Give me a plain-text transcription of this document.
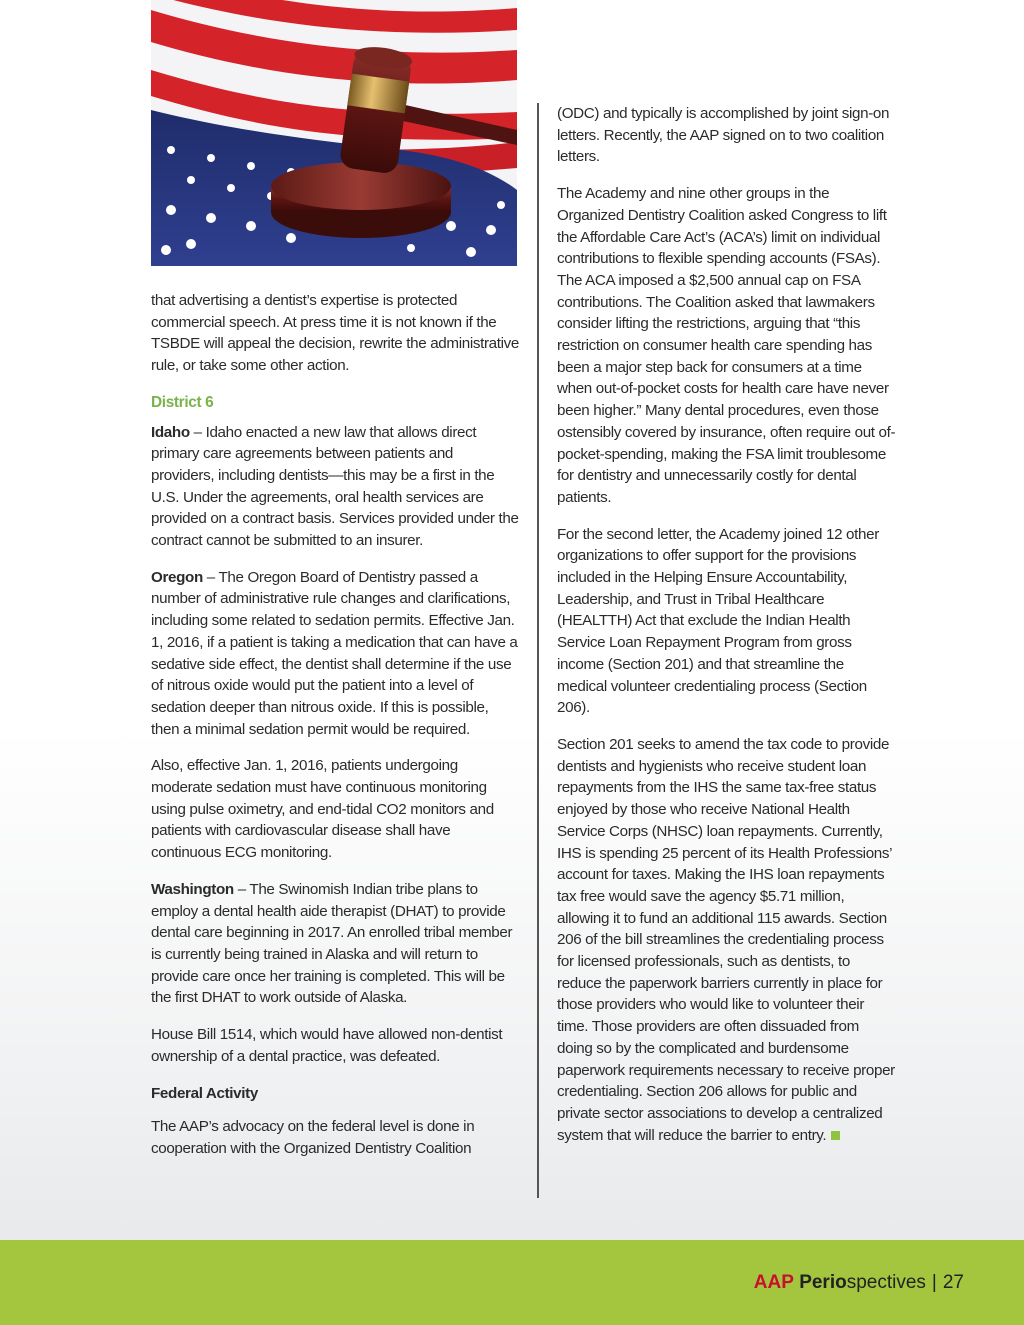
that advertising a dentist’s expertise is protected commercial speech. At press time it is not known if the TSBDE will appeal the decision, rewrite the administrative rule, or take some other action.

District 6

Idaho – Idaho enacted a new law that allows direct primary care agreements between patients and providers, including dentists—this may be a first in the U.S. Under the agreements, oral health services are provided on a contract basis. Services provided under the contract cannot be submitted to an insurer.

Oregon – The Oregon Board of Dentistry passed a number of administrative rule changes and clarifications, including some related to sedation permits. Effective Jan. 1, 2016, if a patient is taking a medication that can have a sedative side effect, the dentist shall determine if the use of nitrous oxide would put the patient into a level of sedation deeper than nitrous oxide. If this is possible, then a minimal sedation permit would be required.

Also, effective Jan. 1, 2016, patients undergoing moderate sedation must have continuous monitoring using pulse oximetry, and end-tidal CO2 monitors and patients with cardiovascular disease shall have continuous ECG monitoring.

Washington – The Swinomish Indian tribe plans to employ a dental health aide therapist (DHAT) to provide dental care beginning in 2017. An enrolled tribal member is currently being trained in Alaska and will return to provide care once her training is completed. This will be the first DHAT to work outside of Alaska.

House Bill 1514, which would have allowed non-dentist ownership of a dental practice, was defeated.

Federal Activity

The AAP’s advocacy on the federal level is done in cooperation with the Organized Dentistry Coalition

(ODC) and typically is accomplished by joint sign-on letters. Recently, the AAP signed on to two coalition letters.

The Academy and nine other groups in the Organized Dentistry Coalition asked Congress to lift the Affordable Care Act’s (ACA’s) limit on individual contributions to flexible spending accounts (FSAs). The ACA imposed a $2,500 annual cap on FSA contributions. The Coalition asked that lawmakers consider lifting the restrictions, arguing that “this restriction on consumer health care spending has been a major step back for consumers at a time when out-of-pocket costs for health care have never been higher.” Many dental procedures, even those ostensibly covered by insurance, often require out of-pocket-spending, making the FSA limit troublesome for dentistry and unnecessarily costly for dental patients.

For the second letter, the Academy joined 12 other organizations to offer support for the provisions included in the Helping Ensure Accountability, Leadership, and Trust in Tribal Healthcare (HEALTTH) Act that exclude the Indian Health Service Loan Repayment Program from gross income (Section 201) and that streamline the medical volunteer credentialing process (Section 206).

Section 201 seeks to amend the tax code to provide dentists and hygienists who receive student loan repayments from the IHS the same tax-free status enjoyed by those who receive National Health Service Corps (NHSC) loan repayments. Currently, IHS is spending 25 percent of its Health Professions’ account for taxes. Making the IHS loan repayments tax free would save the agency $5.71 million, allowing it to fund an additional 115 awards. Section 206 of the bill streamlines the credentialing process for licensed professionals, such as dentists, to reduce the paperwork barriers currently in place for those providers who would like to volunteer their time. Those providers are often dissuaded from doing so by the complicated and burdensome paperwork requirements necessary to receive proper credentialing. Section 206 allows for public and private sector associations to develop a centralized system that will reduce the barrier to entry.

AAP Periospectives | 27
